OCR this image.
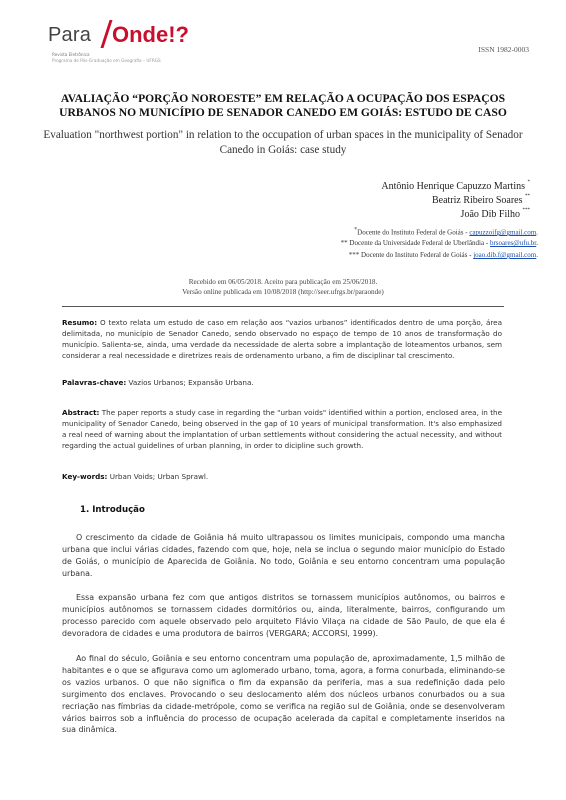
Para Onde!?
Revista Eletrônica
Programa de Pós-Graduação em Geografia – UFRGS
ISSN 1982-0003
AVALIAÇÃO “PORÇÃO NOROESTE” EM RELAÇÃO A OCUPAÇÃO DOS ESPAÇOS URBANOS NO MUNICÍPIO DE SENADOR CANEDO EM GOIÁS: ESTUDO DE CASO
Evaluation "northwest portion" in relation to the occupation of urban spaces in the municipality of Senador Canedo in Goiás: case study
Antônio Henrique Capuzzo Martins *
Beatriz Ribeiro Soares **
João Dib Filho ***
*Docente do Instituto Federal de Goiás - capuzzoifg@gmail.com.
** Docente da Universidade Federal de Uberlândia - brsoares@ufu.br.
*** Docente do Instituto Federal de Goiás - joao.dib.f@gmail.com.
Recebido em 06/05/2018. Aceito para publicação em 25/06/2018.
Versão online publicada em 10/08/2018 (http://seer.ufrgs.br/paraonde)
Resumo: O texto relata um estudo de caso em relação aos “vazios urbanos” identificados dentro de uma porção, área delimitada, no município de Senador Canedo, sendo observado no espaço de tempo de 10 anos de transformação do município. Salienta-se, ainda, uma verdade da necessidade de alerta sobre a implantação de loteamentos urbanos, sem considerar a real necessidade e diretrizes reais de ordenamento urbano, a fim de disciplinar tal crescimento.
Palavras-chave: Vazios Urbanos; Expansão Urbana.
Abstract: The paper reports a study case in regarding the "urban voids" identified within a portion, enclosed area, in the municipality of Senador Canedo, being observed in the gap of 10 years of municipal transformation. It's also emphasized a real need of warning about the implantation of urban settlements without considering the actual necessity, and without regarding the actual guidelines of urban planning, in order to dicipline such growth.
Key-words: Urban Voids; Urban Sprawl.
1. Introdução
O crescimento da cidade de Goiânia há muito ultrapassou os limites municipais, compondo uma mancha urbana que inclui várias cidades, fazendo com que, hoje, nela se inclua o segundo maior município do Estado de Goiás, o município de Aparecida de Goiânia. No todo, Goiânia e seu entorno concentram uma população urbana.
Essa expansão urbana fez com que antigos distritos se tornassem municípios autônomos, ou bairros e municípios autônomos se tornassem cidades dormitórios ou, ainda, literalmente, bairros, configurando um processo parecido com aquele observado pelo arquiteto Flávio Vilaça na cidade de São Paulo, de que ela é devoradora de cidades e uma produtora de bairros (VERGARA; ACCORSI, 1999).
Ao final do século, Goiânia e seu entorno concentram uma população de, aproximadamente, 1,5 milhão de habitantes e o que se afigurava como um aglomerado urbano, toma, agora, a forma conurbada, eliminando-se os vazios urbanos. O que não significa o fim da expansão da periferia, mas a sua redefinição dada pelo surgimento dos enclaves. Provocando o seu deslocamento além dos núcleos urbanos conurbados ou a sua recriação nas fímbrias da cidade-metrópole, como se verifica na região sul de Goiânia, onde se desenvolveram vários bairros sob a influência do processo de ocupação acelerada da capital e completamente inseridos na sua dinâmica.
